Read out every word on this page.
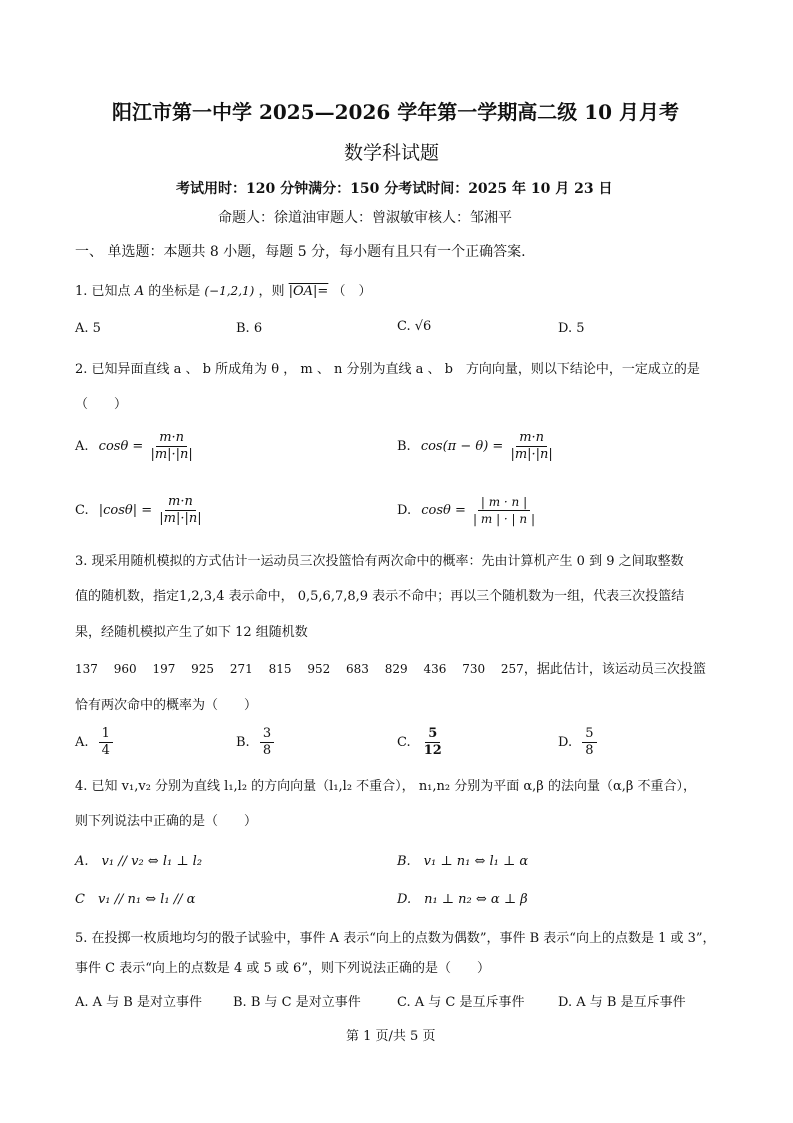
阳江市第一中学 2025—2026 学年第一学期高二级 10 月月考
数学科试题
考试用时：120 分钟满分：150 分考试时间：2025 年 10 月 23 日
命题人：徐道油审题人：曾淑敏审核人：邹湘平
一、 单选题：本题共 8 小题，每题 5 分，每小题有且只有一个正确答案.
1. 已知点 A 的坐标是 (−1,2,1) ，则 |OA|= （　）
A. 5	B. 6	C. √6	D. 5
2. 已知异面直线 a 、 b 所成角为 θ ， m 、 n 分别为直线 a 、 b　方向向量，则以下结论中，一定成立的是
（　　）
A. $\cos\theta = \frac{m\cdot n}{|m|\cdot|n|}$	B. $\cos(\pi - \theta) = \frac{m\cdot n}{|m|\cdot|n|}$
C. $|\cos\theta| = \frac{m\cdot n}{|m|\cdot|n|}$	D. $\cos\theta = \frac{| m \cdot n |}{| m | \cdot | n |}$
3. 现采用随机模拟的方式估计一运动员三次投篮恰有两次命中的概率：先由计算机产生 0 到 9 之间取整数
值的随机数，指定1,2,3,4 表示命中， 0,5,6,7,8,9 表示不命中；再以三个随机数为一组，代表三次投篮结
果，经随机模拟产生了如下 12 组随机数
137 960 197 925 271 815 952 683 829 436 730 257，据此估计，该运动员三次投篮
恰有两次命中的概率为（　　）
A. $\frac{1}{4}$	B. $\frac{3}{8}$	C. $\frac{5}{12}$	D. $\frac{5}{8}$
4. 已知 v₁,v₂ 分别为直线 l₁,l₂ 的方向向量（l₁,l₂ 不重合）， n₁,n₂ 分别为平面 α,β 的法向量（α,β 不重合），
则下列说法中正确的是（　　）
A.　v₁ // v₂ ⇔ l₁ ⊥ l₂	B.　v₁ ⊥ n₁ ⇔ l₁ ⊥ α
C　v₁ // n₁ ⇔ l₁ // α	D.　n₁ ⊥ n₂ ⇔ α ⊥ β
5. 在投掷一枚质地均匀的骰子试验中，事件 A 表示“向上的点数为偶数”，事件 B 表示“向上的点数是 1 或 3”，
事件 C 表示“向上的点数是 4 或 5 或 6”，则下列说法正确的是（　　）
A. A 与 B 是对立事件 B. B 与 C 是对立事件	C. A 与 C 是互斥事件	D. A 与 B 是互斥事件
第 1 页/共 5 页
